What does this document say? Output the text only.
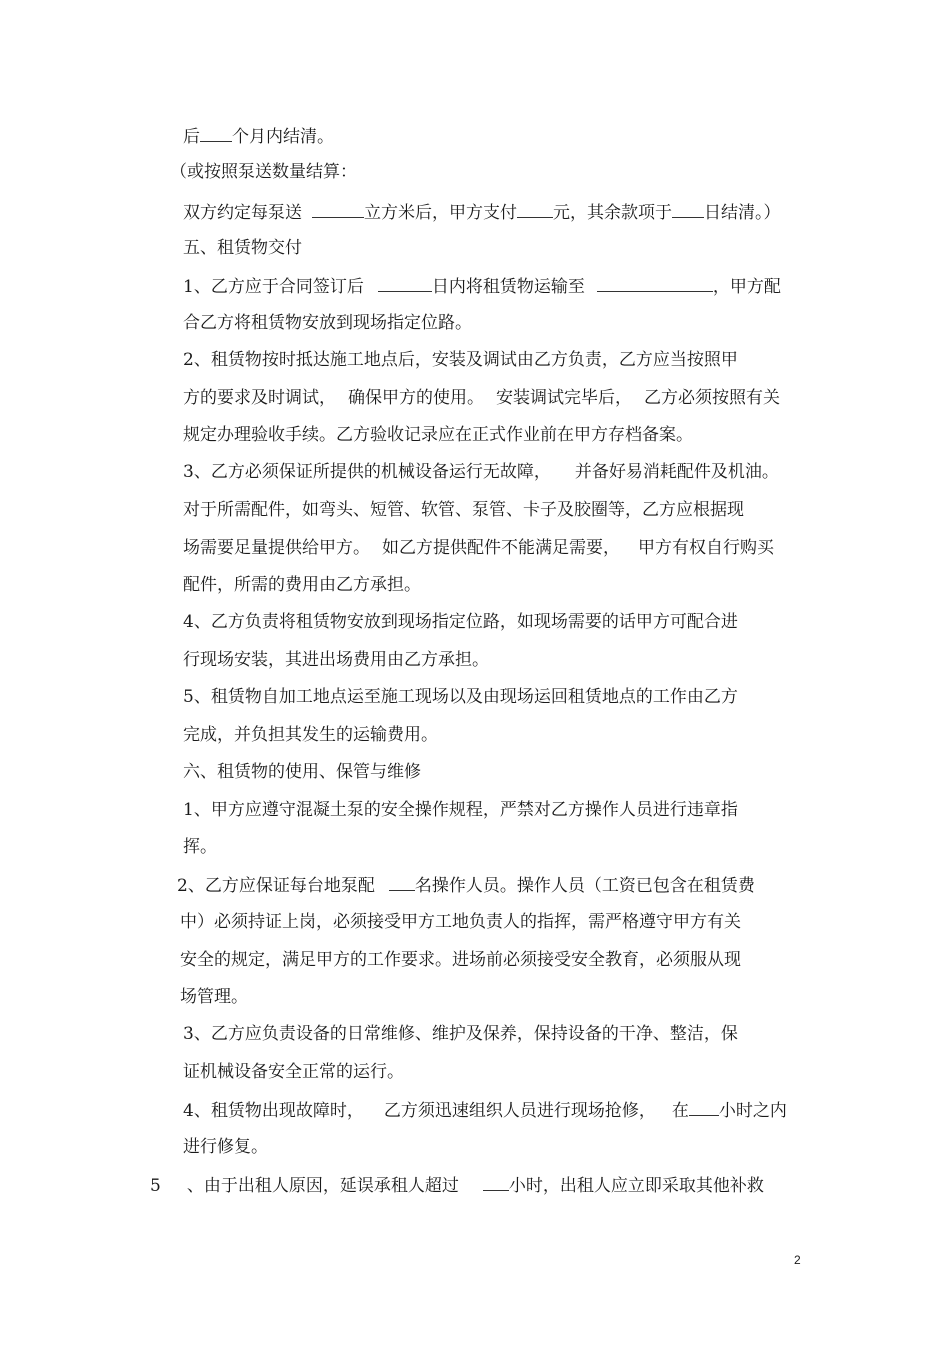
后 个月内结清。
（或按照泵送数量结算：
双方约定每泵送	立方米后，甲方支付 元，其余款项于 日结清。）
五、租赁物交付
1、乙方应于合同签订后	日内将租赁物运输至	，甲方配
合乙方将租赁物安放到现场指定位路。
2、租赁物按时抵达施工地点后，安装及调试由乙方负责，乙方应当按照甲
方的要求及时调试， 确保甲方的使用。 安装调试完毕后， 乙方必须按照有关
规定办理验收手续。乙方验收记录应在正式作业前在甲方存档备案。
3、乙方必须保证所提供的机械设备运行无故障， 并备好易消耗配件及机油。
对于所需配件，如弯头、短管、软管、泵管、卡子及胶圈等，乙方应根据现
场需要足量提供给甲方。 如乙方提供配件不能满足需要， 甲方有权自行购买
配件，所需的费用由乙方承担。
4、乙方负责将租赁物安放到现场指定位路，如现场需要的话甲方可配合进
行现场安装，其进出场费用由乙方承担。
5、租赁物自加工地点运至施工现场以及由现场运回租赁地点的工作由乙方
完成，并负担其发生的运输费用。
六、租赁物的使用、保管与维修
1、甲方应遵守混凝土泵的安全操作规程，严禁对乙方操作人员进行违章指
挥。
2、乙方应保证每台地泵配 名操作人员。操作人员（工资已包含在租赁费
中）必须持证上岗，必须接受甲方工地负责人的指挥，需严格遵守甲方有关
安全的规定，满足甲方的工作要求。进场前必须接受安全教育，必须服从现
场管理。
3、乙方应负责设备的日常维修、维护及保养，保持设备的干净、整洁，保
证机械设备安全正常的运行。
4、租赁物出现故障时， 乙方须迅速组织人员进行现场抢修， 在 小时之内
进行修复。
5 、由于出租人原因，延误承租人超过	小时，出租人应立即采取其他补救
2
